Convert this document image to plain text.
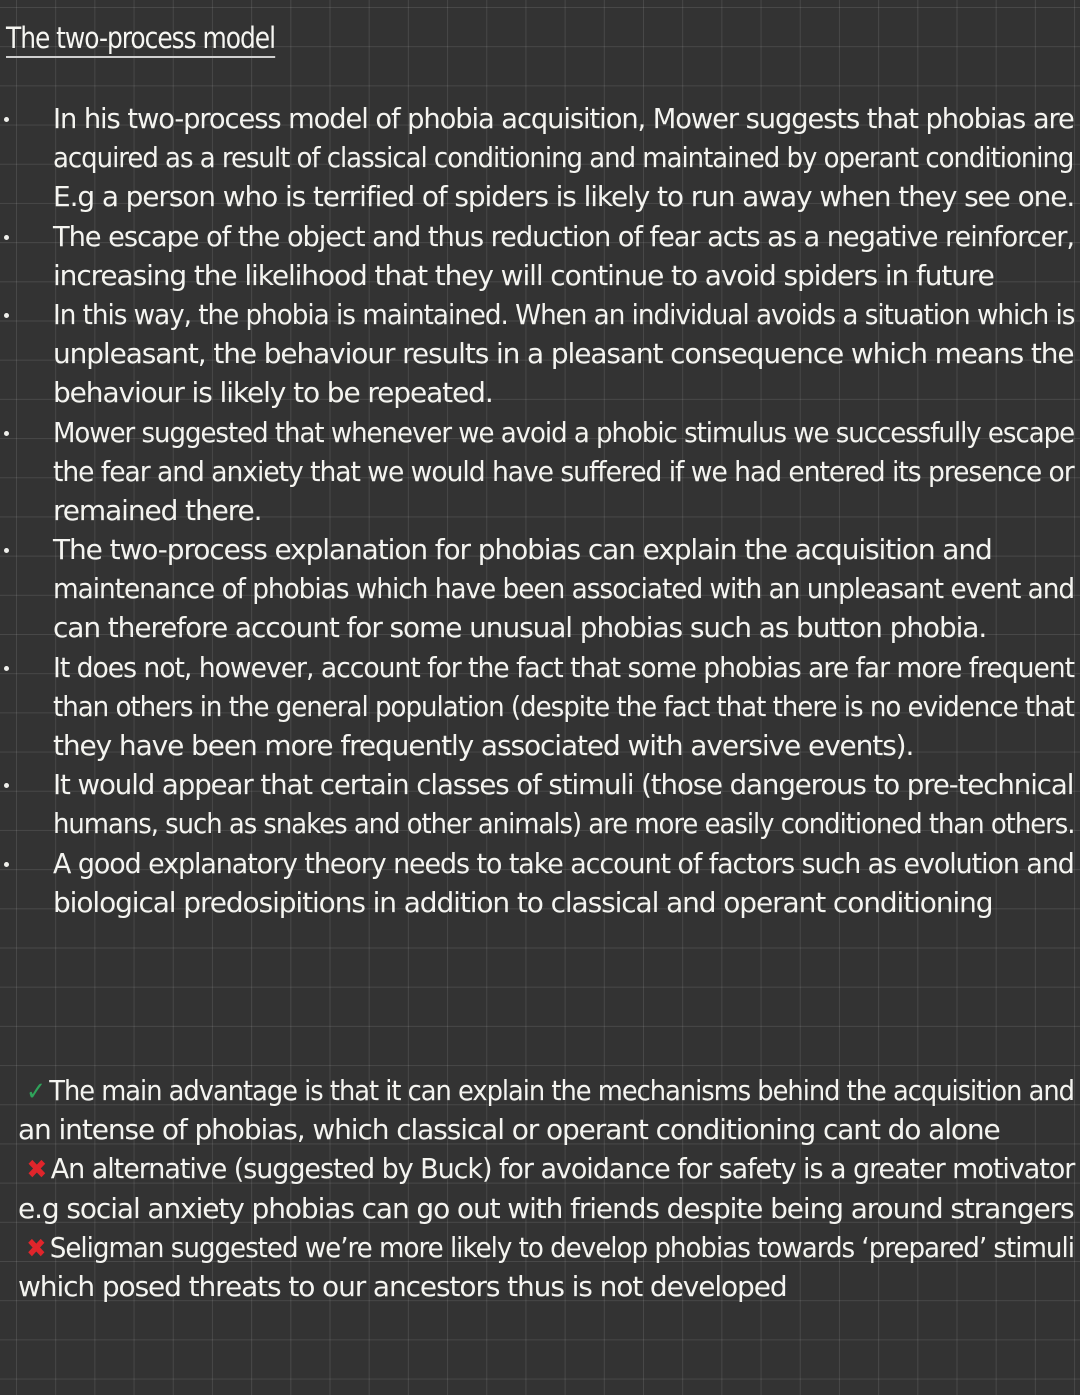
The two-process model
In his two-process model of phobia acquisition, Mower suggests that phobias are
acquired as a result of classical conditioning and maintained by operant conditioning
E.g a person who is terrified of spiders is likely to run away when they see one.
The escape of the object and thus reduction of fear acts as a negative reinforcer,
increasing the likelihood that they will continue to avoid spiders in future
In this way, the phobia is maintained. When an individual avoids a situation which is
unpleasant, the behaviour results in a pleasant consequence which means the
behaviour is likely to be repeated.
Mower suggested that whenever we avoid a phobic stimulus we successfully escape
the fear and anxiety that we would have suffered if we had entered its presence or
remained there.
The two-process explanation for phobias can explain the acquisition and
maintenance of phobias which have been associated with an unpleasant event and
can therefore account for some unusual phobias such as button phobia.
It does not, however, account for the fact that some phobias are far more frequent
than others in the general population (despite the fact that there is no evidence that
they have been more frequently associated with aversive events).
It would appear that certain classes of stimuli (those dangerous to pre-technical
humans, such as snakes and other animals) are more easily conditioned than others.
A good explanatory theory needs to take account of factors such as evolution and
biological predosipitions in addition to classical and operant conditioning
✓ The main advantage is that it can explain the mechanisms behind the acquisition and
an intense of phobias, which classical or operant conditioning cant do alone
✖ An alternative (suggested by Buck) for avoidance for safety is a greater motivator
e.g social anxiety phobias can go out with friends despite being around strangers
✖ Seligman suggested we’re more likely to develop phobias towards ‘prepared’ stimuli
which posed threats to our ancestors thus is not developed
